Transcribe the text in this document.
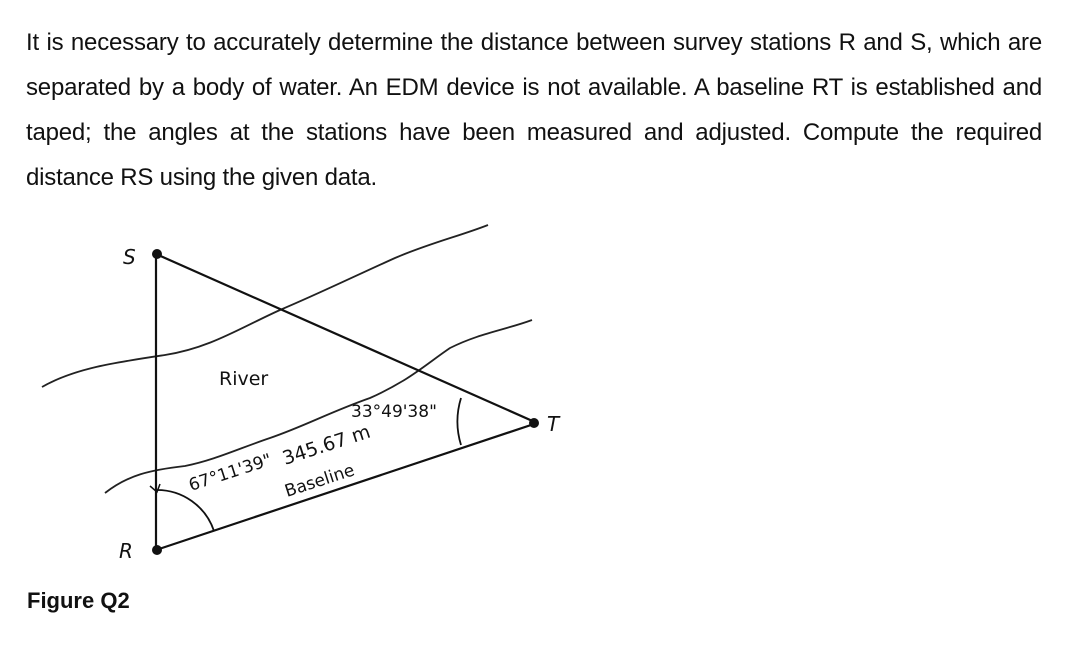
It is necessary to accurately determine the distance between survey stations R and S, which are separated by a body of water. An EDM device is not available. A baseline RT is established and taped; the angles at the stations have been measured and adjusted. Compute the required distance RS using the given data.

S
R
T
River
33°49'38"
67°11'39"
345.67 m
Baseline

Figure Q2
